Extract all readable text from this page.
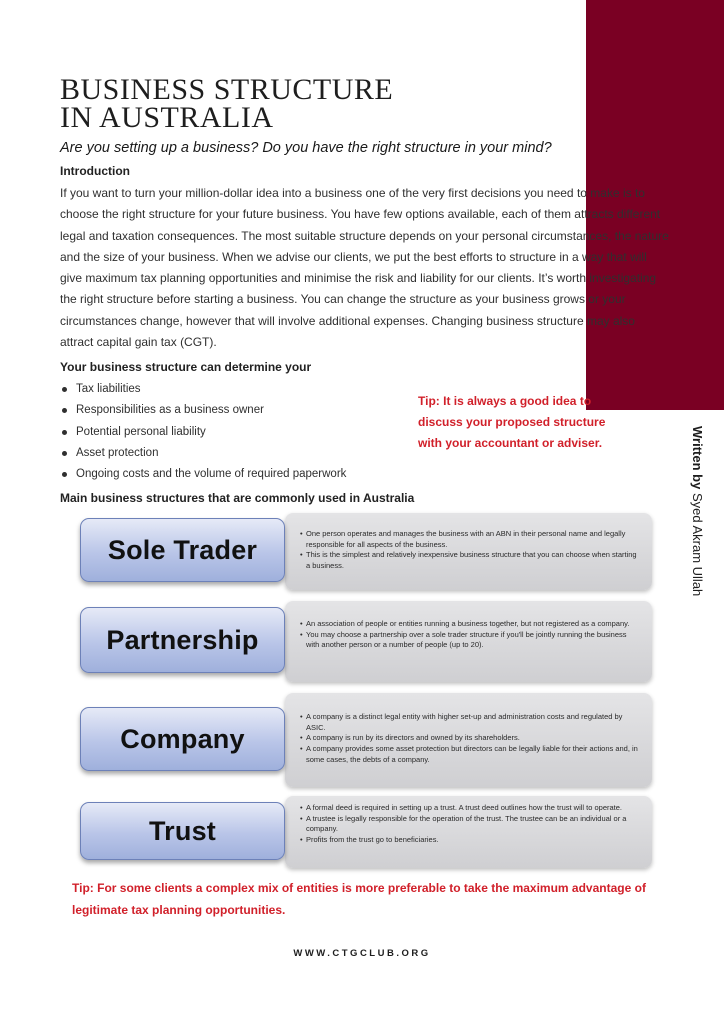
BUSINESS STRUCTURE
IN AUSTRALIA

Are you setting up a business? Do you have the right structure in your mind?

Introduction

If you want to turn your million-dollar idea into a business one of the very first decisions you need to make is to choose the right structure for your future business. You have few options available, each of them attracts different legal and taxation consequences. The most suitable structure depends on your personal circumstances, the nature and the size of your business. When we advise our clients, we put the best efforts to structure in a way that will give maximum tax planning opportunities and minimise the risk and liability for our clients. It’s worth investigating the right structure before starting a business. You can change the structure as your business grows or your circumstances change, however that will involve additional expenses. Changing business structure may also attract capital gain tax (CGT).

Your business structure can determine your

Tax liabilities
Responsibilities as a business owner
Potential personal liability
Asset protection
Ongoing costs and the volume of required paperwork

Tip: It is always a good idea to discuss your proposed structure with your accountant or adviser.	Written by Syed Akram Ullah

Main business structures that are commonly used in Australia

• One person operates and manages the business with an ABN in their personal name and legally responsible for all aspects of the business.
• This is the simplest and relatively inexpensive business structure that you can choose when starting a business.
Sole Trader
• An association of people or entities running a business together, but not registered as a company.
• You may choose a partnership over a sole trader structure if you'll be jointly running the business with another person or a number of people (up to 20).
Partnership
• A company is a distinct legal entity with higher set-up and administration costs and regulated by ASIC.
• A company is run by its directors and owned by its shareholders.
• A company provides some asset protection but directors can be legally liable for their actions and, in some cases, the debts of a company.
Company
• A formal deed is required in setting up a trust. A trust deed outlines how the trust will to operate.
• A trustee is legally responsible for the operation of the trust. The trustee can be an individual or a company.
• Profits from the trust go to beneficiaries.
Trust

Tip: For some clients a complex mix of entities is more preferable to take the maximum advantage of legitimate tax planning opportunities.

WWW.CTGCLUB.ORG
